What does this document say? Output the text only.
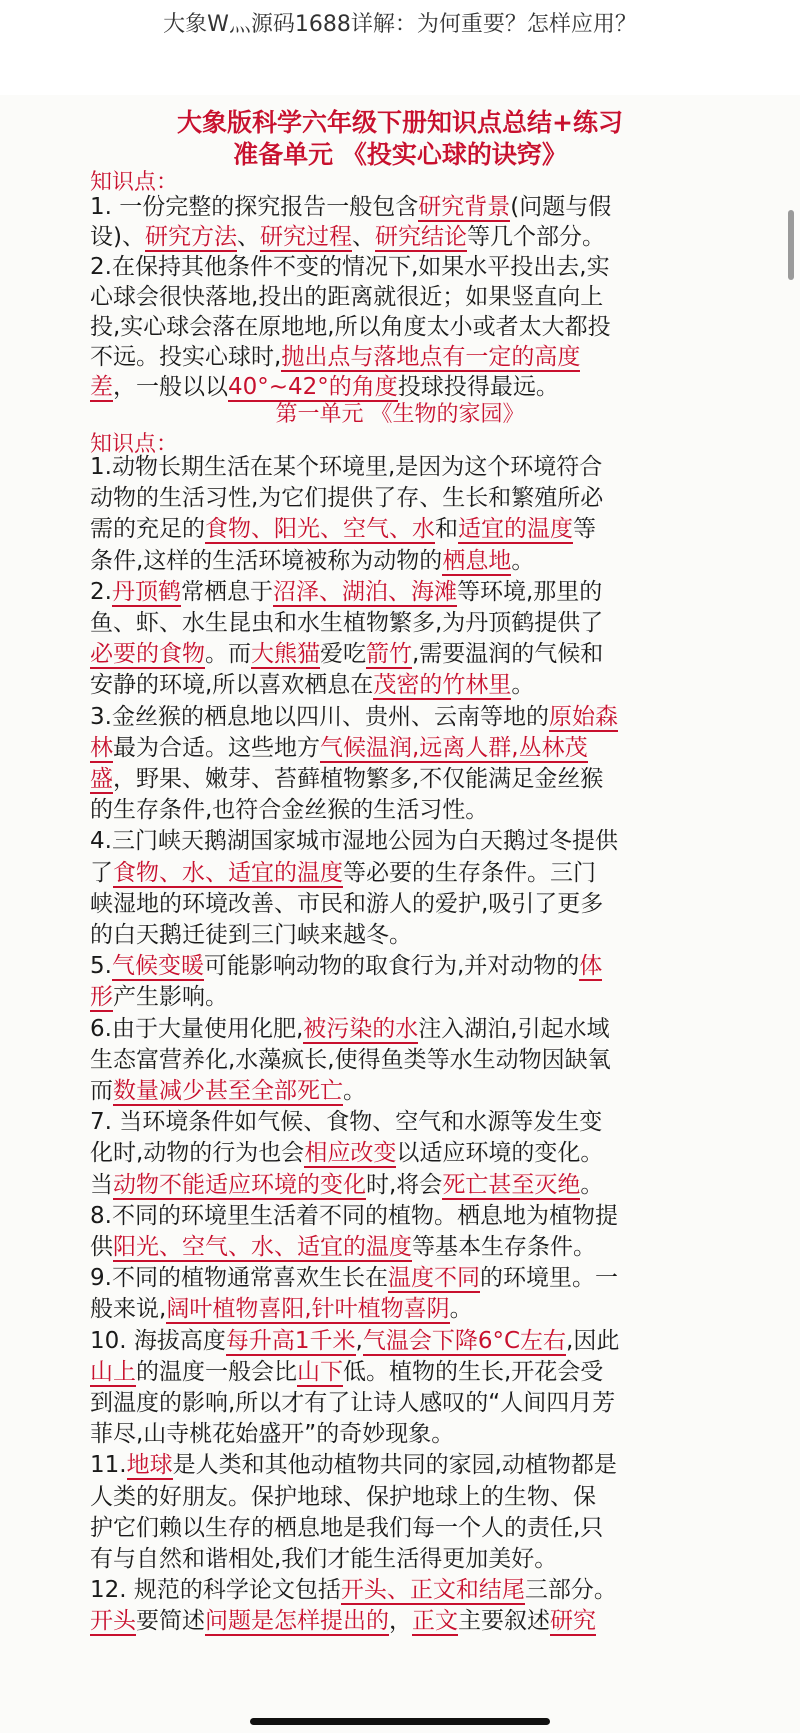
大象W灬源码1688详解：为何重要？怎样应用？
大象版科学六年级下册知识点总结+练习
准备单元 《投实心球的诀窍》
知识点：
1. 一份完整的探究报告一般包含研究背景(问题与假
设)、研究方法、研究过程、研究结论等几个部分。
2.在保持其他条件不变的情况下,如果水平投出去,实
心球会很快落地,投出的距离就很近；如果竖直向上
投,实心球会落在原地地,所以角度太小或者太大都投
不远。投实心球时,抛出点与落地点有一定的高度
差，一般以以40°~42°的角度投球投得最远。
第一单元 《生物的家园》
知识点：
1.动物长期生活在某个环境里,是因为这个环境符合
动物的生活习性,为它们提供了存、生长和繁殖所必
需的充足的食物、阳光、空气、水和适宜的温度等
条件,这样的生活环境被称为动物的栖息地。
2.丹顶鹤常栖息于沼泽、湖泊、海滩等环境,那里的
鱼、虾、水生昆虫和水生植物繁多,为丹顶鹤提供了
必要的食物。而大熊猫爱吃箭竹,需要温润的气候和
安静的环境,所以喜欢栖息在茂密的竹林里。
3.金丝猴的栖息地以四川、贵州、云南等地的原始森
林最为合适。这些地方气候温润,远离人群,丛林茂
盛，野果、嫩芽、苔藓植物繁多,不仅能满足金丝猴
的生存条件,也符合金丝猴的生活习性。
4.三门峡天鹅湖国家城市湿地公园为白天鹅过冬提供
了食物、水、适宜的温度等必要的生存条件。三门
峡湿地的环境改善、市民和游人的爱护,吸引了更多
的白天鹅迁徒到三门峡来越冬。
5.气候变暖可能影响动物的取食行为,并对动物的体
形产生影响。
6.由于大量使用化肥,被污染的水注入湖泊,引起水域
生态富营养化,水藻疯长,使得鱼类等水生动物因缺氧
而数量减少甚至全部死亡。
7. 当环境条件如气候、食物、空气和水源等发生变
化时,动物的行为也会相应改变以适应环境的变化。
当动物不能适应环境的变化时,将会死亡甚至灭绝。
8.不同的环境里生活着不同的植物。栖息地为植物提
供阳光、空气、水、适宜的温度等基本生存条件。
9.不同的植物通常喜欢生长在温度不同的环境里。一
般来说,阔叶植物喜阳,针叶植物喜阴。
10. 海拔高度每升高1千米,气温会下降6°C左右,因此
山上的温度一般会比山下低。植物的生长,开花会受
到温度的影响,所以才有了让诗人感叹的“人间四月芳
菲尽,山寺桃花始盛开”的奇妙现象。
11.地球是人类和其他动植物共同的家园,动植物都是
人类的好朋友。保护地球、保护地球上的生物、保
护它们赖以生存的栖息地是我们每一个人的责任,只
有与自然和谐相处,我们才能生活得更加美好。
12. 规范的科学论文包括开头、正文和结尾三部分。
开头要简述问题是怎样提出的，正文主要叙述研究
